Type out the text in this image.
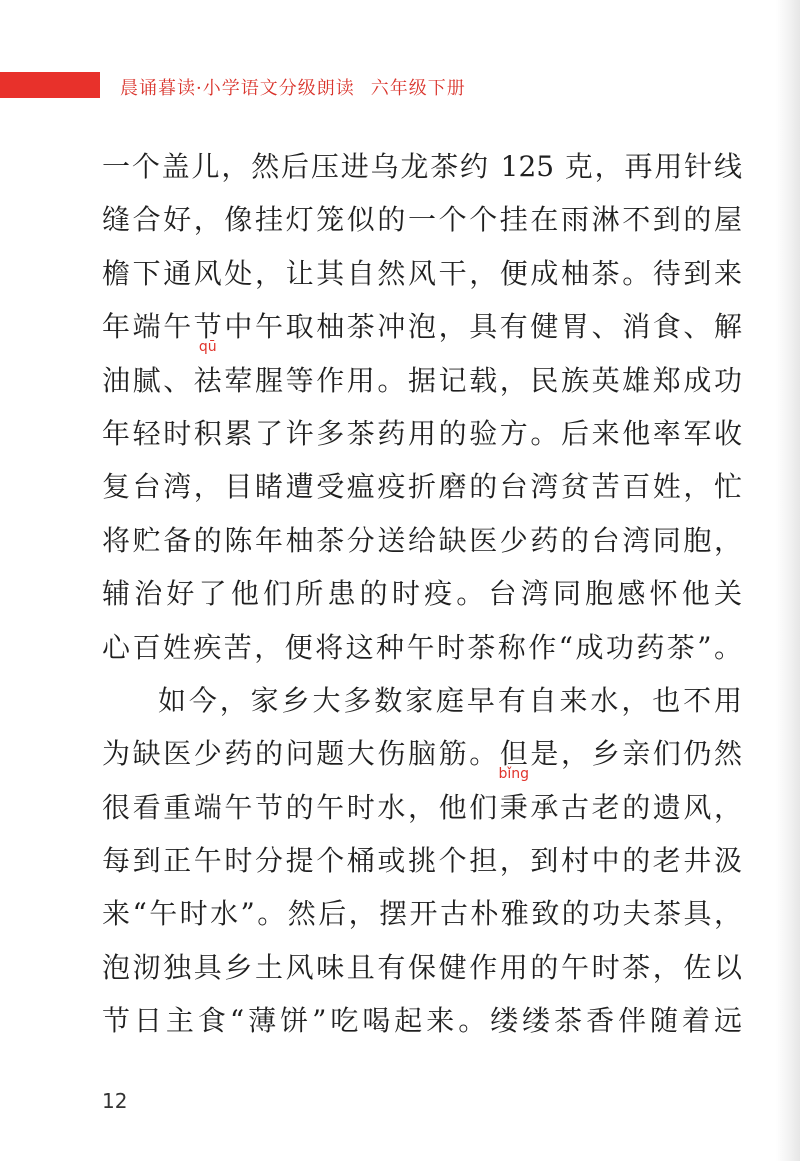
晨诵暮读·小学语文分级朗读 六年级下册
一个盖儿，然后压进乌龙茶约 125 克，再用针线
缝合好，像挂灯笼似的一个个挂在雨淋不到的屋
檐下通风处，让其自然风干，便成柚茶。待到来
年端午节中午取柚茶冲泡，具有健胃、消食、解
油腻、
qū
祛荤腥等作用。据记载，民族英雄郑成功
年轻时积累了许多茶药用的验方。后来他率军收
复台湾，目睹遭受瘟疫折磨的台湾贫苦百姓，忙
将贮备的陈年柚茶分送给缺医少药的台湾同胞，
辅治好了他们所患的时疫。台湾同胞感怀他关
心百姓疾苦，便将这种午时茶称作“成功药茶”。
如今，家乡大多数家庭早有自来水，也不用
为缺医少药的问题大伤脑筋。但是，乡亲们仍然
很看重端午节的午时水，他们
bǐng
秉承古老的遗风，
每到正午时分提个桶或挑个担，到村中的老井汲
来“午时水”。然后，摆开古朴雅致的功夫茶具，
泡沏独具乡土风味且有保健作用的午时茶，佐以
节日主食“薄饼”吃喝起来。缕缕茶香伴随着远
12
